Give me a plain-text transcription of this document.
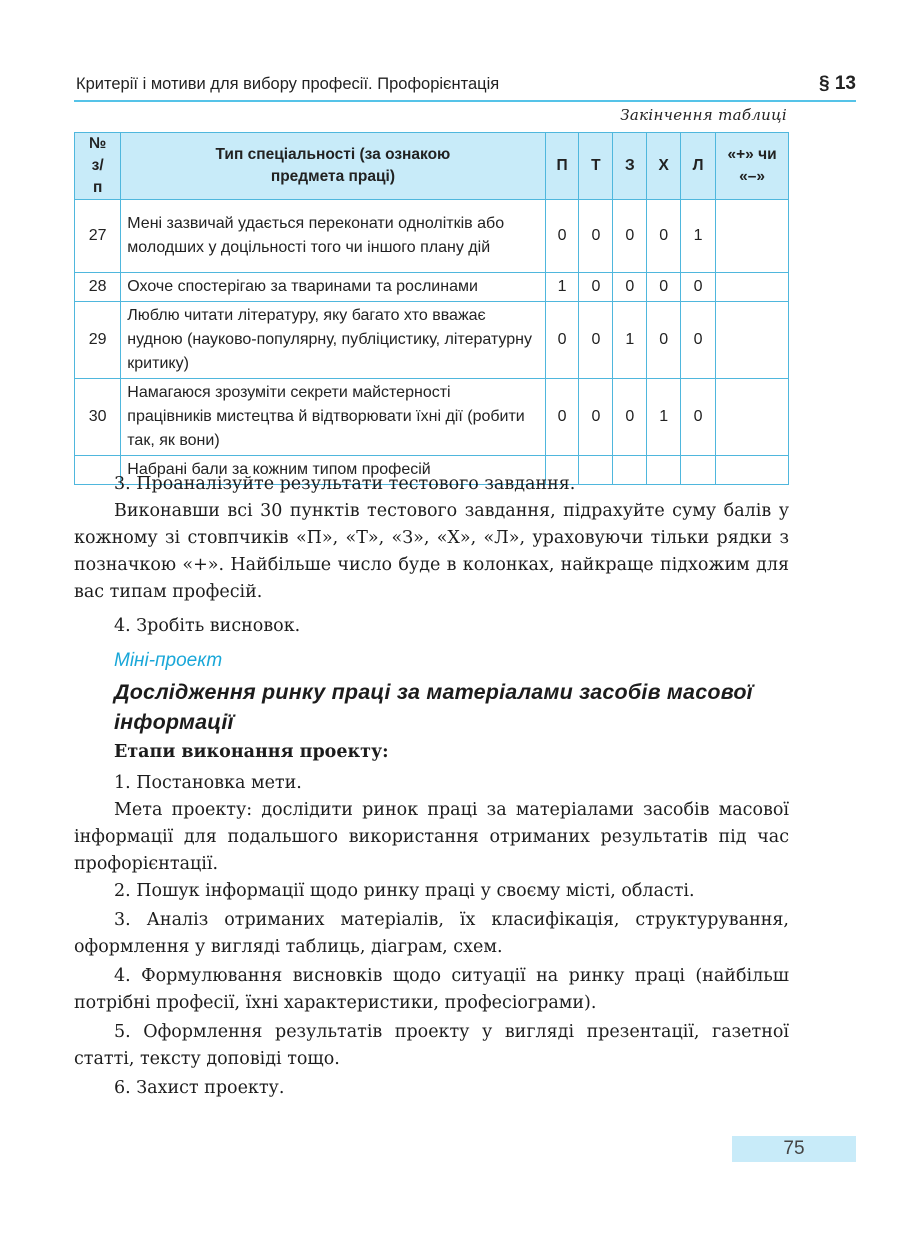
Критерії і мотиви для вибору професії. Профорієнтація	§ 13
Закінчення таблиці
№ з/п	Тип спеціальності (за ознакою предмета праці)	П	Т	З	Х	Л	«+» чи «–»
27	Мені зазвичай удається переконати однолітків або молодших у доцільності того чи іншого плану дій	0	0	0	0	1	
28	Охоче спостерігаю за тваринами та рослинами	1	0	0	0	0	
29	Люблю читати літературу, яку багато хто вважає нудною (науково-популярну, публіцистику, літературну критику)	0	0	1	0	0	
30	Намагаюся зрозуміти секрети майстерності працівників мистецтва й відтворювати їхні дії (робити так, як вони)	0	0	0	1	0	
	Набрані бали за кожним типом професій						

3. Проаналізуйте результати тестового завдання.

Виконавши всі 30 пунктів тестового завдання, підрахуйте суму балів у кожному зі стовпчиків «П», «Т», «З», «Х», «Л», ураховуючи тільки рядки з позначкою «+». Найбільше число буде в колонках, найкраще підхожим для вас типам професій.

4. Зробіть висновок.

Міні-проект
Дослідження ринку праці за матеріалами засобів масової інформації
Етапи виконання проекту:

1. Постановка мети.

Мета проекту: дослідити ринок праці за матеріалами засобів масової інформації для подальшого використання отриманих результатів під час профорієнтації.

2. Пошук інформації щодо ринку праці у своєму місті, області.

3. Аналіз отриманих матеріалів, їх класифікація, структурування, оформлення у вигляді таблиць, діаграм, схем.

4. Формулювання висновків щодо ситуації на ринку праці (найбільш потрібні професії, їхні характеристики, професіограми).

5. Оформлення результатів проекту у вигляді презентації, газетної статті, тексту доповіді тощо.

6. Захист проекту.

75
